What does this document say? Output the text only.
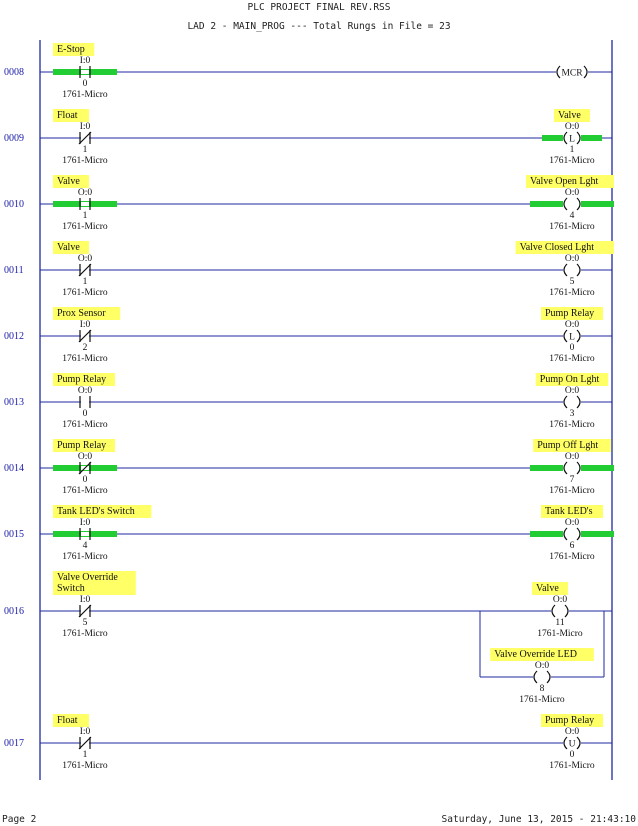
PLC PROJECT FINAL REV.RSS
LAD 2 - MAIN_PROG --- Total Rungs in File = 23
0008
E-Stop
I:0
0
1761-Micro
MCR
0009
Float
I:0
1
1761-Micro
L
Valve
O:0
1
1761-Micro
0010
Valve
O:0
1
1761-Micro
Valve Open Lght
O:0
4
1761-Micro
0011
Valve
O:0
1
1761-Micro
Valve Closed Lght
O:0
5
1761-Micro
0012
Prox Sensor
I:0
2
1761-Micro
L
Pump Relay
O:0
0
1761-Micro
0013
Pump Relay
O:0
0
1761-Micro
Pump On Lght
O:0
3
1761-Micro
0014
Pump Relay
O:0
0
1761-Micro
Pump Off Lght
O:0
7
1761-Micro
0015
Tank LED's Switch
I:0
4
1761-Micro
Tank LED's
O:0
6
1761-Micro
0016
Valve Override
Switch
I:0
5
1761-Micro
Valve
O:0
11
1761-Micro
Valve Override LED
O:0
8
1761-Micro
0017
Float
I:0
1
1761-Micro
U
Pump Relay
O:0
0
1761-Micro
Page 2	Saturday, June 13, 2015 - 21:43:10
